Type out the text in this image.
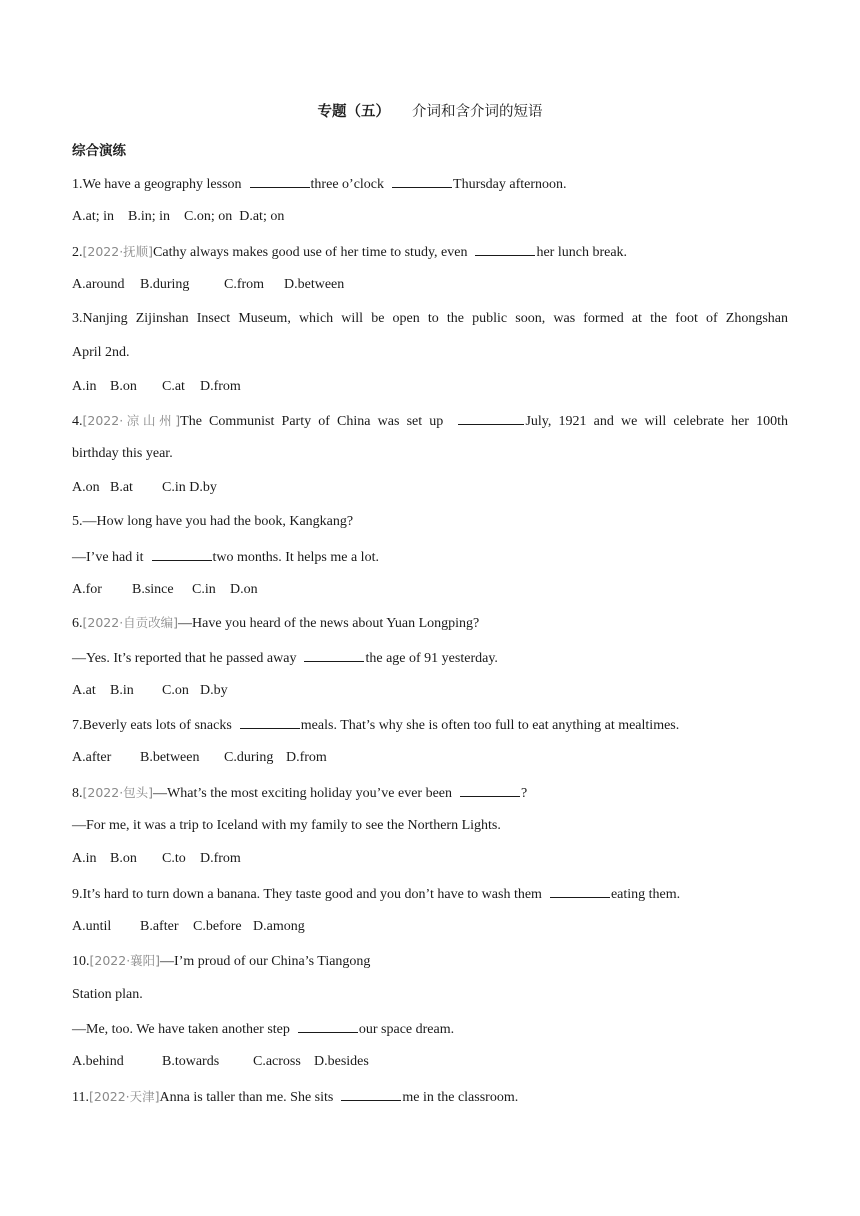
专题（五） 介词和含介词的短语
综合演练
1.We have a geography lesson	three o’clock	Thursday afternoon.
A.at; in    B.in; in    C.on; on  D.at; on
2.[2022·抚顺]Cathy always makes good use of her time to study, even	her lunch break.
A.around B.during C.from D.between
3.Nanjing Zijinshan Insect Museum, which will be open to the public soon, was formed at the foot of Zhongshan
April 2nd.
A.in B.on C.at D.from
4.[2022·凉山州]The Communist Party of China was set up	July, 1921 and we will celebrate her 100th
birthday this year.
A.on B.at C.in D.by
5.—How long have you had the book, Kangkang?
—I’ve had it	two months. It helps me a lot.
A.for B.since C.in D.on
6.[2022·自贡改编]—Have you heard of the news about Yuan Longping?
—Yes. It’s reported that he passed away	the age of 91 yesterday.
A.at B.in C.on D.by
7.Beverly eats lots of snacks	meals. That’s why she is often too full to eat anything at mealtimes.
A.after B.between C.during D.from
8.[2022·包头]—What’s the most exciting holiday you’ve ever been	?
—For me, it was a trip to Iceland with my family to see the Northern Lights.
A.in B.on C.to D.from
9.It’s hard to turn down a banana. They taste good and you don’t have to wash them	eating them.
A.until B.after C.before D.among
10.[2022·襄阳]—I’m proud of our China’s Tiangong
Station plan.
—Me, too. We have taken another step	our space dream.
A.behind	B.towards C.across D.besides
11.[2022·天津]Anna is taller than me. She sits	me in the classroom.
